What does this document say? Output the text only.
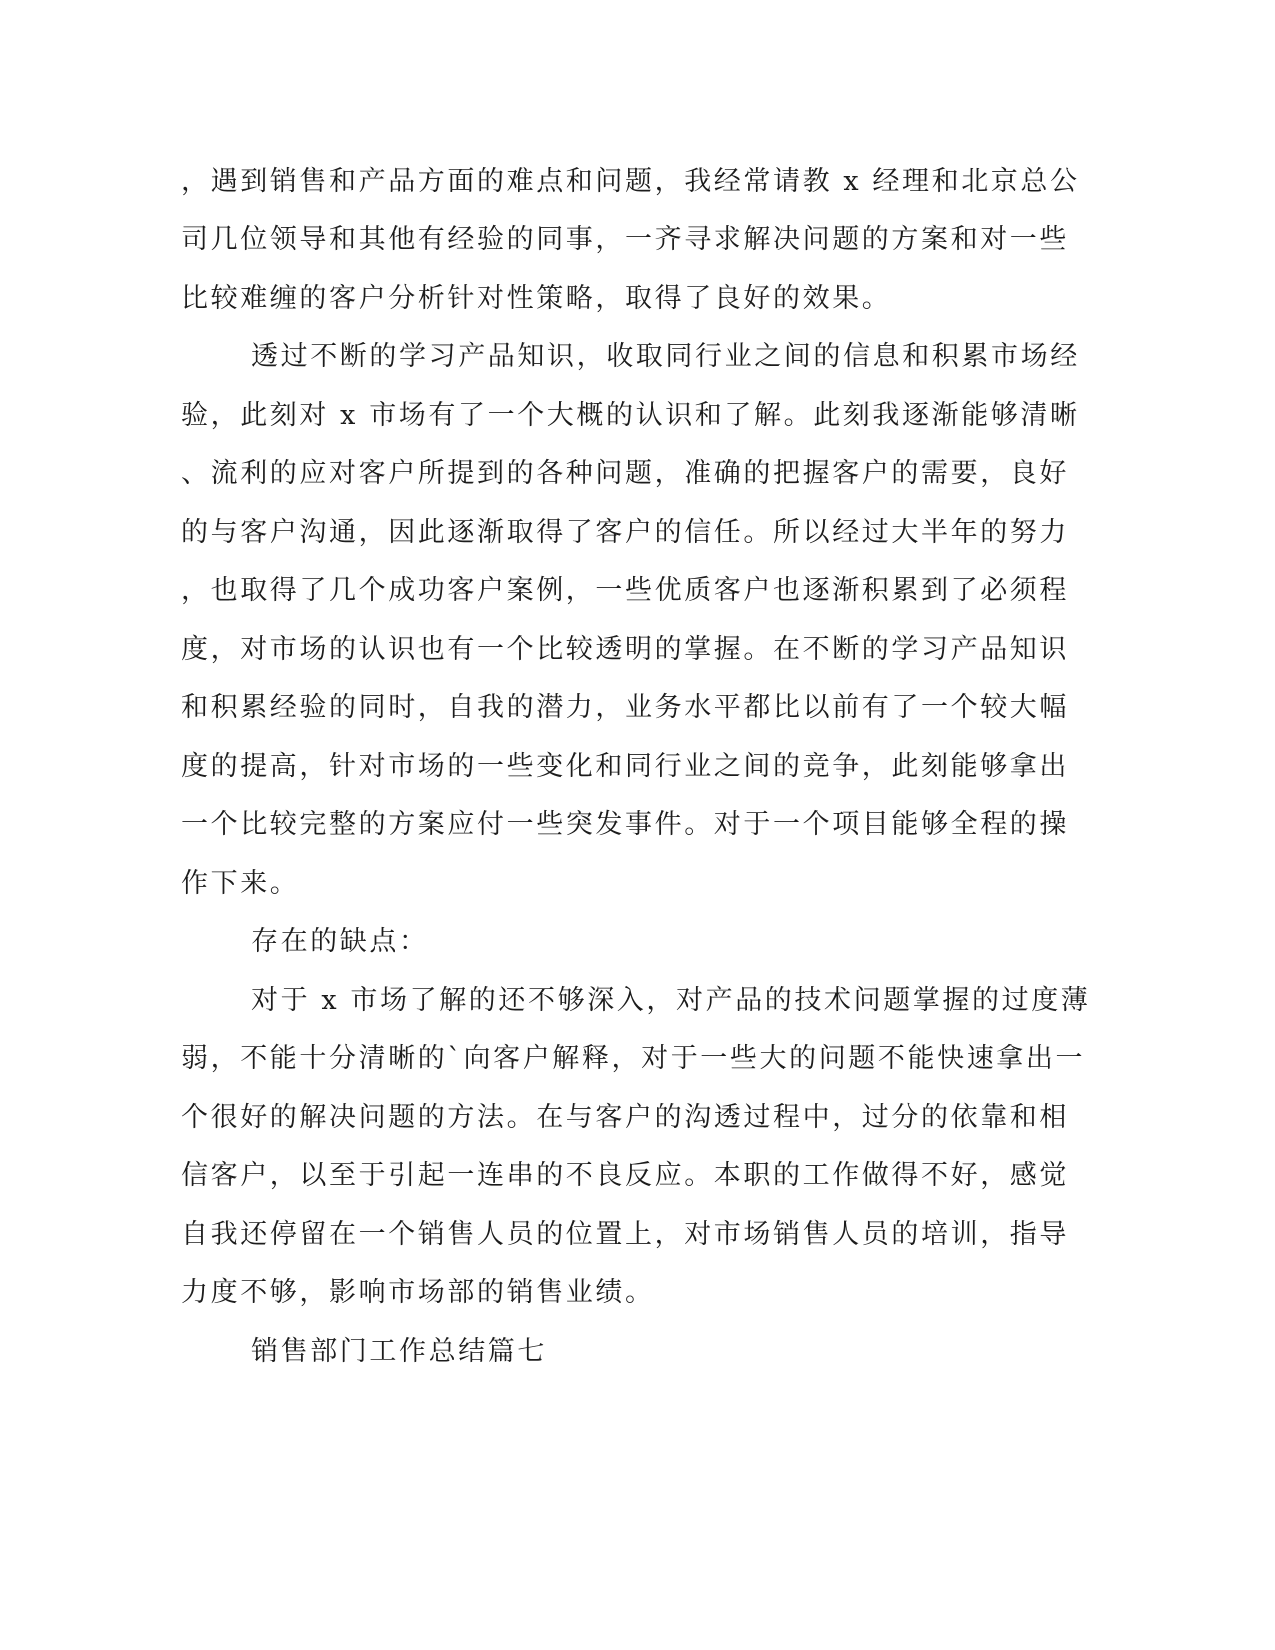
，遇到销售和产品方面的难点和问题，我经常请教 x 经理和北京总公

司几位领导和其他有经验的同事，一齐寻求解决问题的方案和对一些

比较难缠的客户分析针对性策略，取得了良好的效果。

透过不断的学习产品知识，收取同行业之间的信息和积累市场经

验，此刻对 x 市场有了一个大概的认识和了解。此刻我逐渐能够清晰

、流利的应对客户所提到的各种问题，准确的把握客户的需要，良好

的与客户沟通，因此逐渐取得了客户的信任。所以经过大半年的努力

，也取得了几个成功客户案例，一些优质客户也逐渐积累到了必须程

度，对市场的认识也有一个比较透明的掌握。在不断的学习产品知识

和积累经验的同时，自我的潜力，业务水平都比以前有了一个较大幅

度的提高，针对市场的一些变化和同行业之间的竞争，此刻能够拿出

一个比较完整的方案应付一些突发事件。对于一个项目能够全程的操

作下来。

存在的缺点：

对于 x 市场了解的还不够深入，对产品的技术问题掌握的过度薄

弱，不能十分清晰的`向客户解释，对于一些大的问题不能快速拿出一

个很好的解决问题的方法。在与客户的沟透过程中，过分的依靠和相

信客户，以至于引起一连串的不良反应。本职的工作做得不好，感觉

自我还停留在一个销售人员的位置上，对市场销售人员的培训，指导

力度不够，影响市场部的销售业绩。

销售部门工作总结篇七
